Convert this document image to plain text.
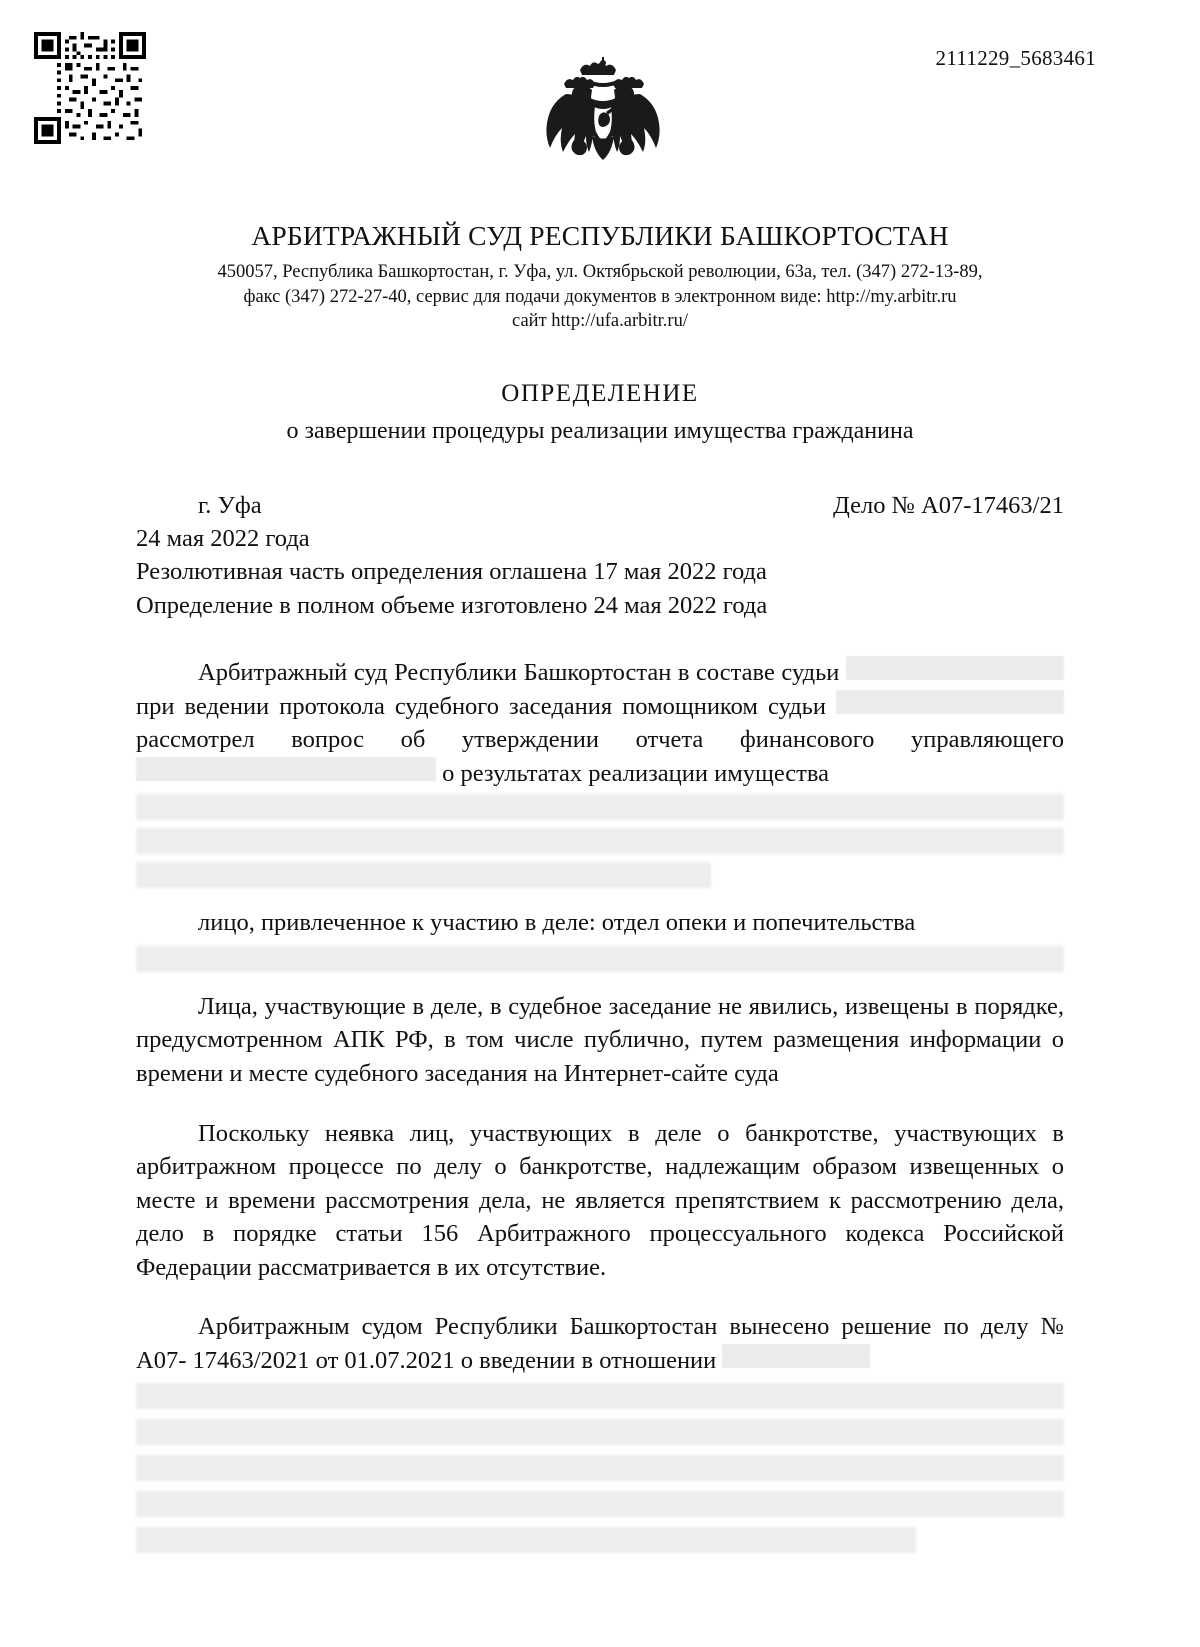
2111229_5683461
АРБИТРАЖНЫЙ СУД РЕСПУБЛИКИ БАШКОРТОСТАН
450057, Республика Башкортостан, г. Уфа, ул. Октябрьской революции, 63а, тел. (347) 272-13-89,
факс (347) 272-27-40, сервис для подачи документов в электронном виде: http://my.arbitr.ru
сайт http://ufa.arbitr.ru/
ОПРЕДЕЛЕНИЕ
о завершении процедуры реализации имущества гражданина
г. Уфа	Дело № А07-17463/21
24 мая 2022 года
Резолютивная часть определения оглашена 17 мая 2022 года
Определение в полном объеме изготовлено 24 мая 2022 года

Арбитражный суд Республики Башкортостан в составе судьи  при ведении протокола судебного заседания помощником судьи  рассмотрел вопрос об утверждении отчета финансового управляющего  о результатах реализации имущества

лицо, привлеченное к участию в деле: отдел опеки и попечительства

Лица, участвующие в деле, в судебное заседание не явились, извещены в порядке, предусмотренном АПК РФ, в том числе публично, путем размещения информации о времени и месте судебного заседания на Интернет-сайте суда

Поскольку неявка лиц, участвующих в деле о банкротстве, участвующих в арбитражном процессе по делу о банкротстве, надлежащим образом извещенных о месте и времени рассмотрения дела, не является препятствием к рассмотрению дела, дело в порядке статьи 156 Арбитражного процессуального кодекса Российской Федерации рассматривается в их отсутствие.

Арбитражным судом Республики Башкортостан вынесено решение по делу № А07- 17463/2021 от 01.07.2021 о введении в отношении
